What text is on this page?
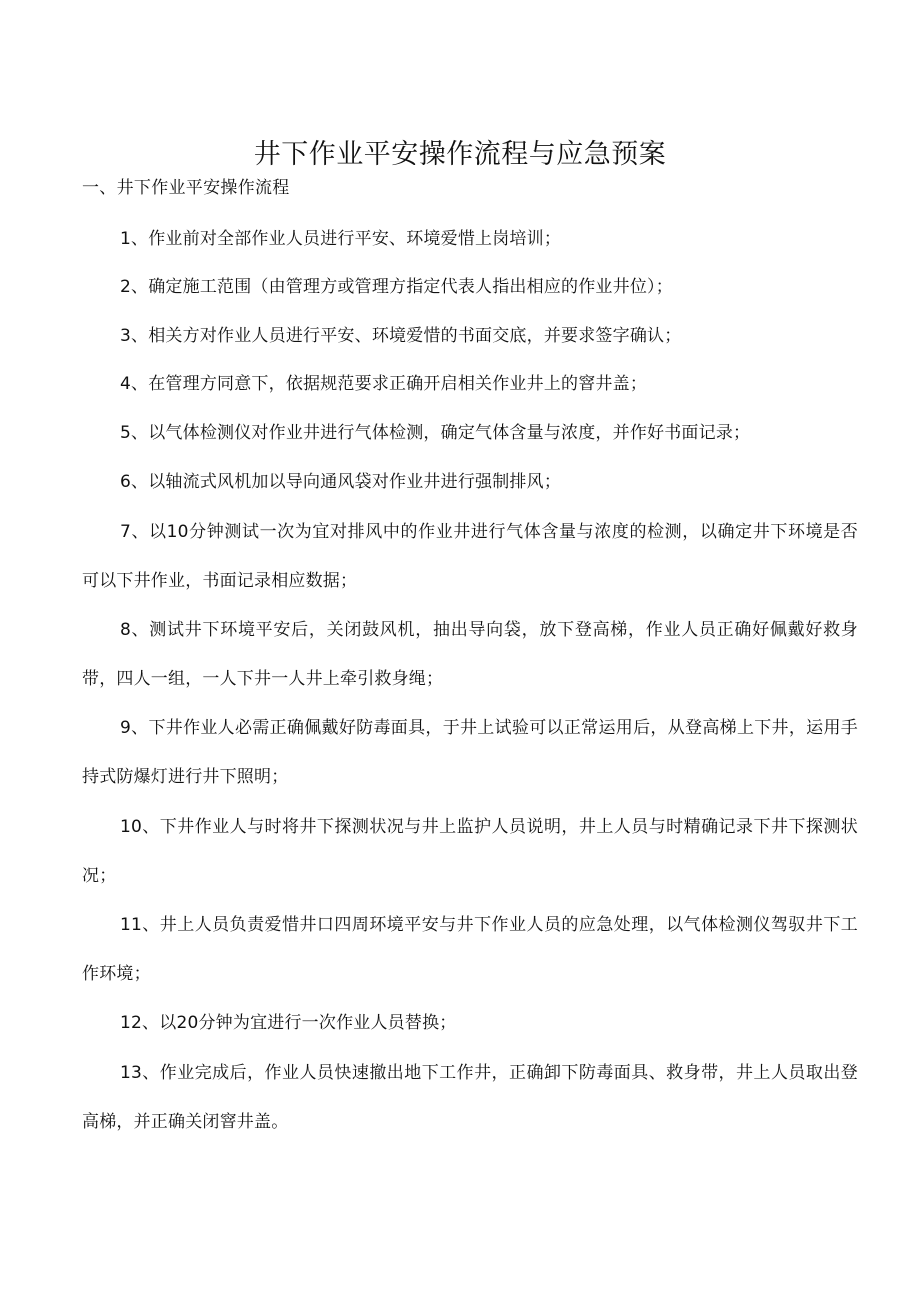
井下作业平安操作流程与应急预案
一、井下作业平安操作流程

1、作业前对全部作业人员进行平安、环境爱惜上岗培训；

2、确定施工范围（由管理方或管理方指定代表人指出相应的作业井位）；

3、相关方对作业人员进行平安、环境爱惜的书面交底，并要求签字确认；

4、在管理方同意下，依据规范要求正确开启相关作业井上的窨井盖；

5、以气体检测仪对作业井进行气体检测，确定气体含量与浓度，并作好书面记录；

6、以轴流式风机加以导向通风袋对作业井进行强制排风；

7、以10分钟测试一次为宜对排风中的作业井进行气体含量与浓度的检测，以确定井下环境是否可以下井作业，书面记录相应数据；

8、测试井下环境平安后，关闭鼓风机，抽出导向袋，放下登高梯，作业人员正确好佩戴好救身带，四人一组，一人下井一人井上牵引救身绳；

9、下井作业人必需正确佩戴好防毒面具，于井上试验可以正常运用后，从登高梯上下井，运用手持式防爆灯进行井下照明；

10、下井作业人与时将井下探测状况与井上监护人员说明，井上人员与时精确记录下井下探测状况；

11、井上人员负责爱惜井口四周环境平安与井下作业人员的应急处理，以气体检测仪驾驭井下工作环境；

12、以20分钟为宜进行一次作业人员替换；

13、作业完成后，作业人员快速撤出地下工作井，正确卸下防毒面具、救身带，井上人员取出登高梯，并正确关闭窨井盖。
